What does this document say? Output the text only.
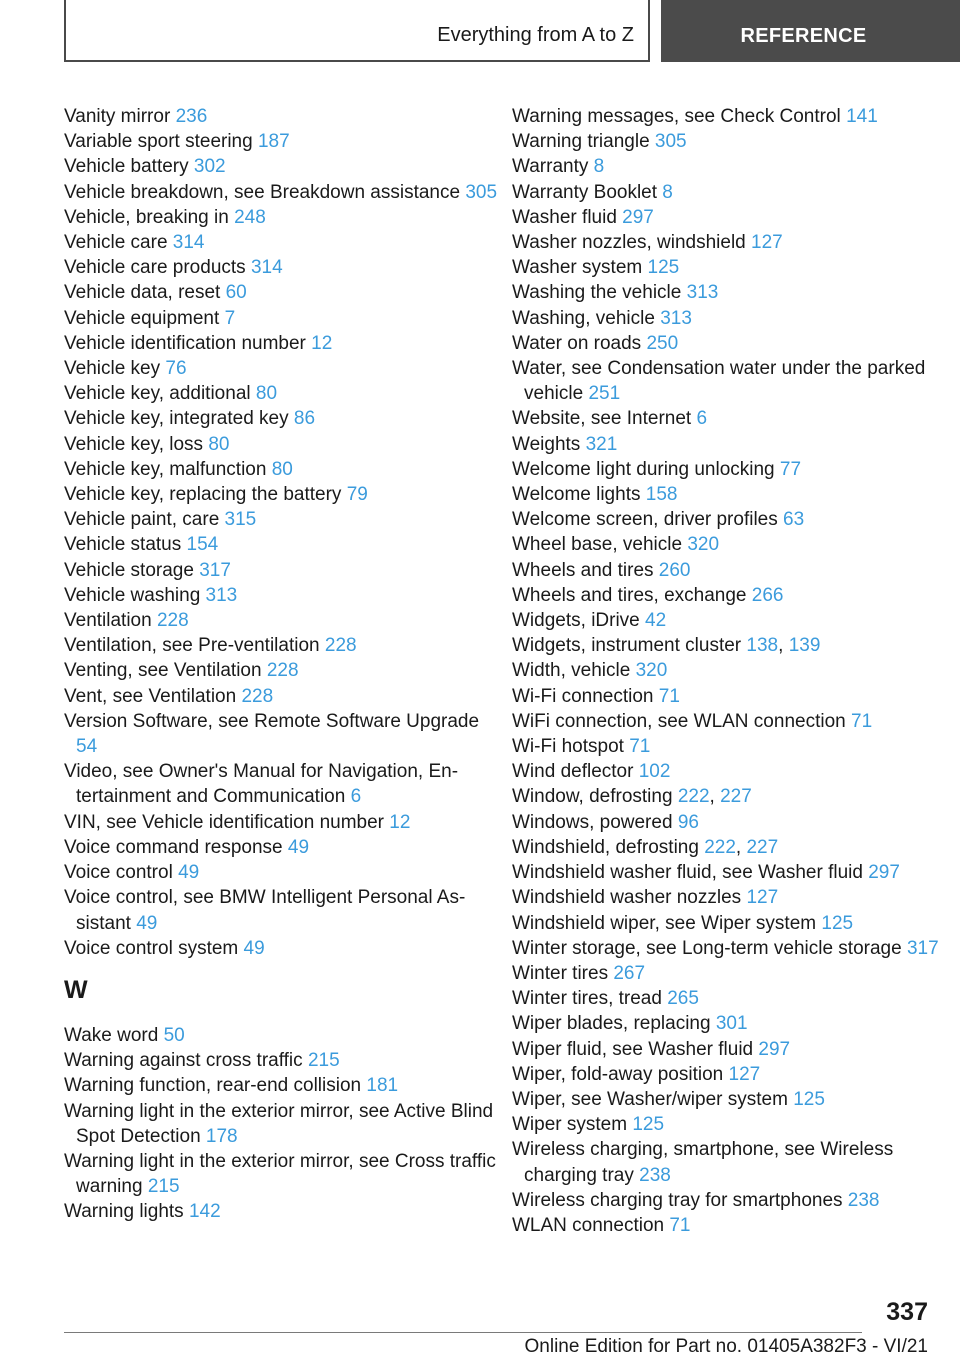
Everything from A to Z	REFERENCE
Vanity mirror 236
Variable sport steering 187
Vehicle battery 302
Vehicle breakdown, see Breakdown assistance 305
Vehicle, breaking in 248
Vehicle care 314
Vehicle care products 314
Vehicle data, reset 60
Vehicle equipment 7
Vehicle identification number 12
Vehicle key 76
Vehicle key, additional 80
Vehicle key, integrated key 86
Vehicle key, loss 80
Vehicle key, malfunction 80
Vehicle key, replacing the battery 79
Vehicle paint, care 315
Vehicle status 154
Vehicle storage 317
Vehicle washing 313
Ventilation 228
Ventilation, see Pre-ventilation 228
Venting, see Ventilation 228
Vent, see Ventilation 228
Version Software, see Remote Software Upgrade 54
Video, see Owner's Manual for Navigation, Entertainment and Communication 6
VIN, see Vehicle identification number 12
Voice command response 49
Voice control 49
Voice control, see BMW Intelligent Personal Assistant 49
Voice control system 49
W
Wake word 50
Warning against cross traffic 215
Warning function, rear-end collision 181
Warning light in the exterior mirror, see Active Blind Spot Detection 178
Warning light in the exterior mirror, see Cross traffic warning 215
Warning lights 142
Warning messages, see Check Control 141
Warning triangle 305
Warranty 8
Warranty Booklet 8
Washer fluid 297
Washer nozzles, windshield 127
Washer system 125
Washing the vehicle 313
Washing, vehicle 313
Water on roads 250
Water, see Condensation water under the parked vehicle 251
Website, see Internet 6
Weights 321
Welcome light during unlocking 77
Welcome lights 158
Welcome screen, driver profiles 63
Wheel base, vehicle 320
Wheels and tires 260
Wheels and tires, exchange 266
Widgets, iDrive 42
Widgets, instrument cluster 138, 139
Width, vehicle 320
Wi-Fi connection 71
WiFi connection, see WLAN connection 71
Wi-Fi hotspot 71
Wind deflector 102
Window, defrosting 222, 227
Windows, powered 96
Windshield, defrosting 222, 227
Windshield washer fluid, see Washer fluid 297
Windshield washer nozzles 127
Windshield wiper, see Wiper system 125
Winter storage, see Long-term vehicle storage 317
Winter tires 267
Winter tires, tread 265
Wiper blades, replacing 301
Wiper fluid, see Washer fluid 297
Wiper, fold-away position 127
Wiper, see Washer/wiper system 125
Wiper system 125
Wireless charging, smartphone, see Wireless charging tray 238
Wireless charging tray for smartphones 238
WLAN connection 71
337
Online Edition for Part no. 01405A382F3 - VI/21
